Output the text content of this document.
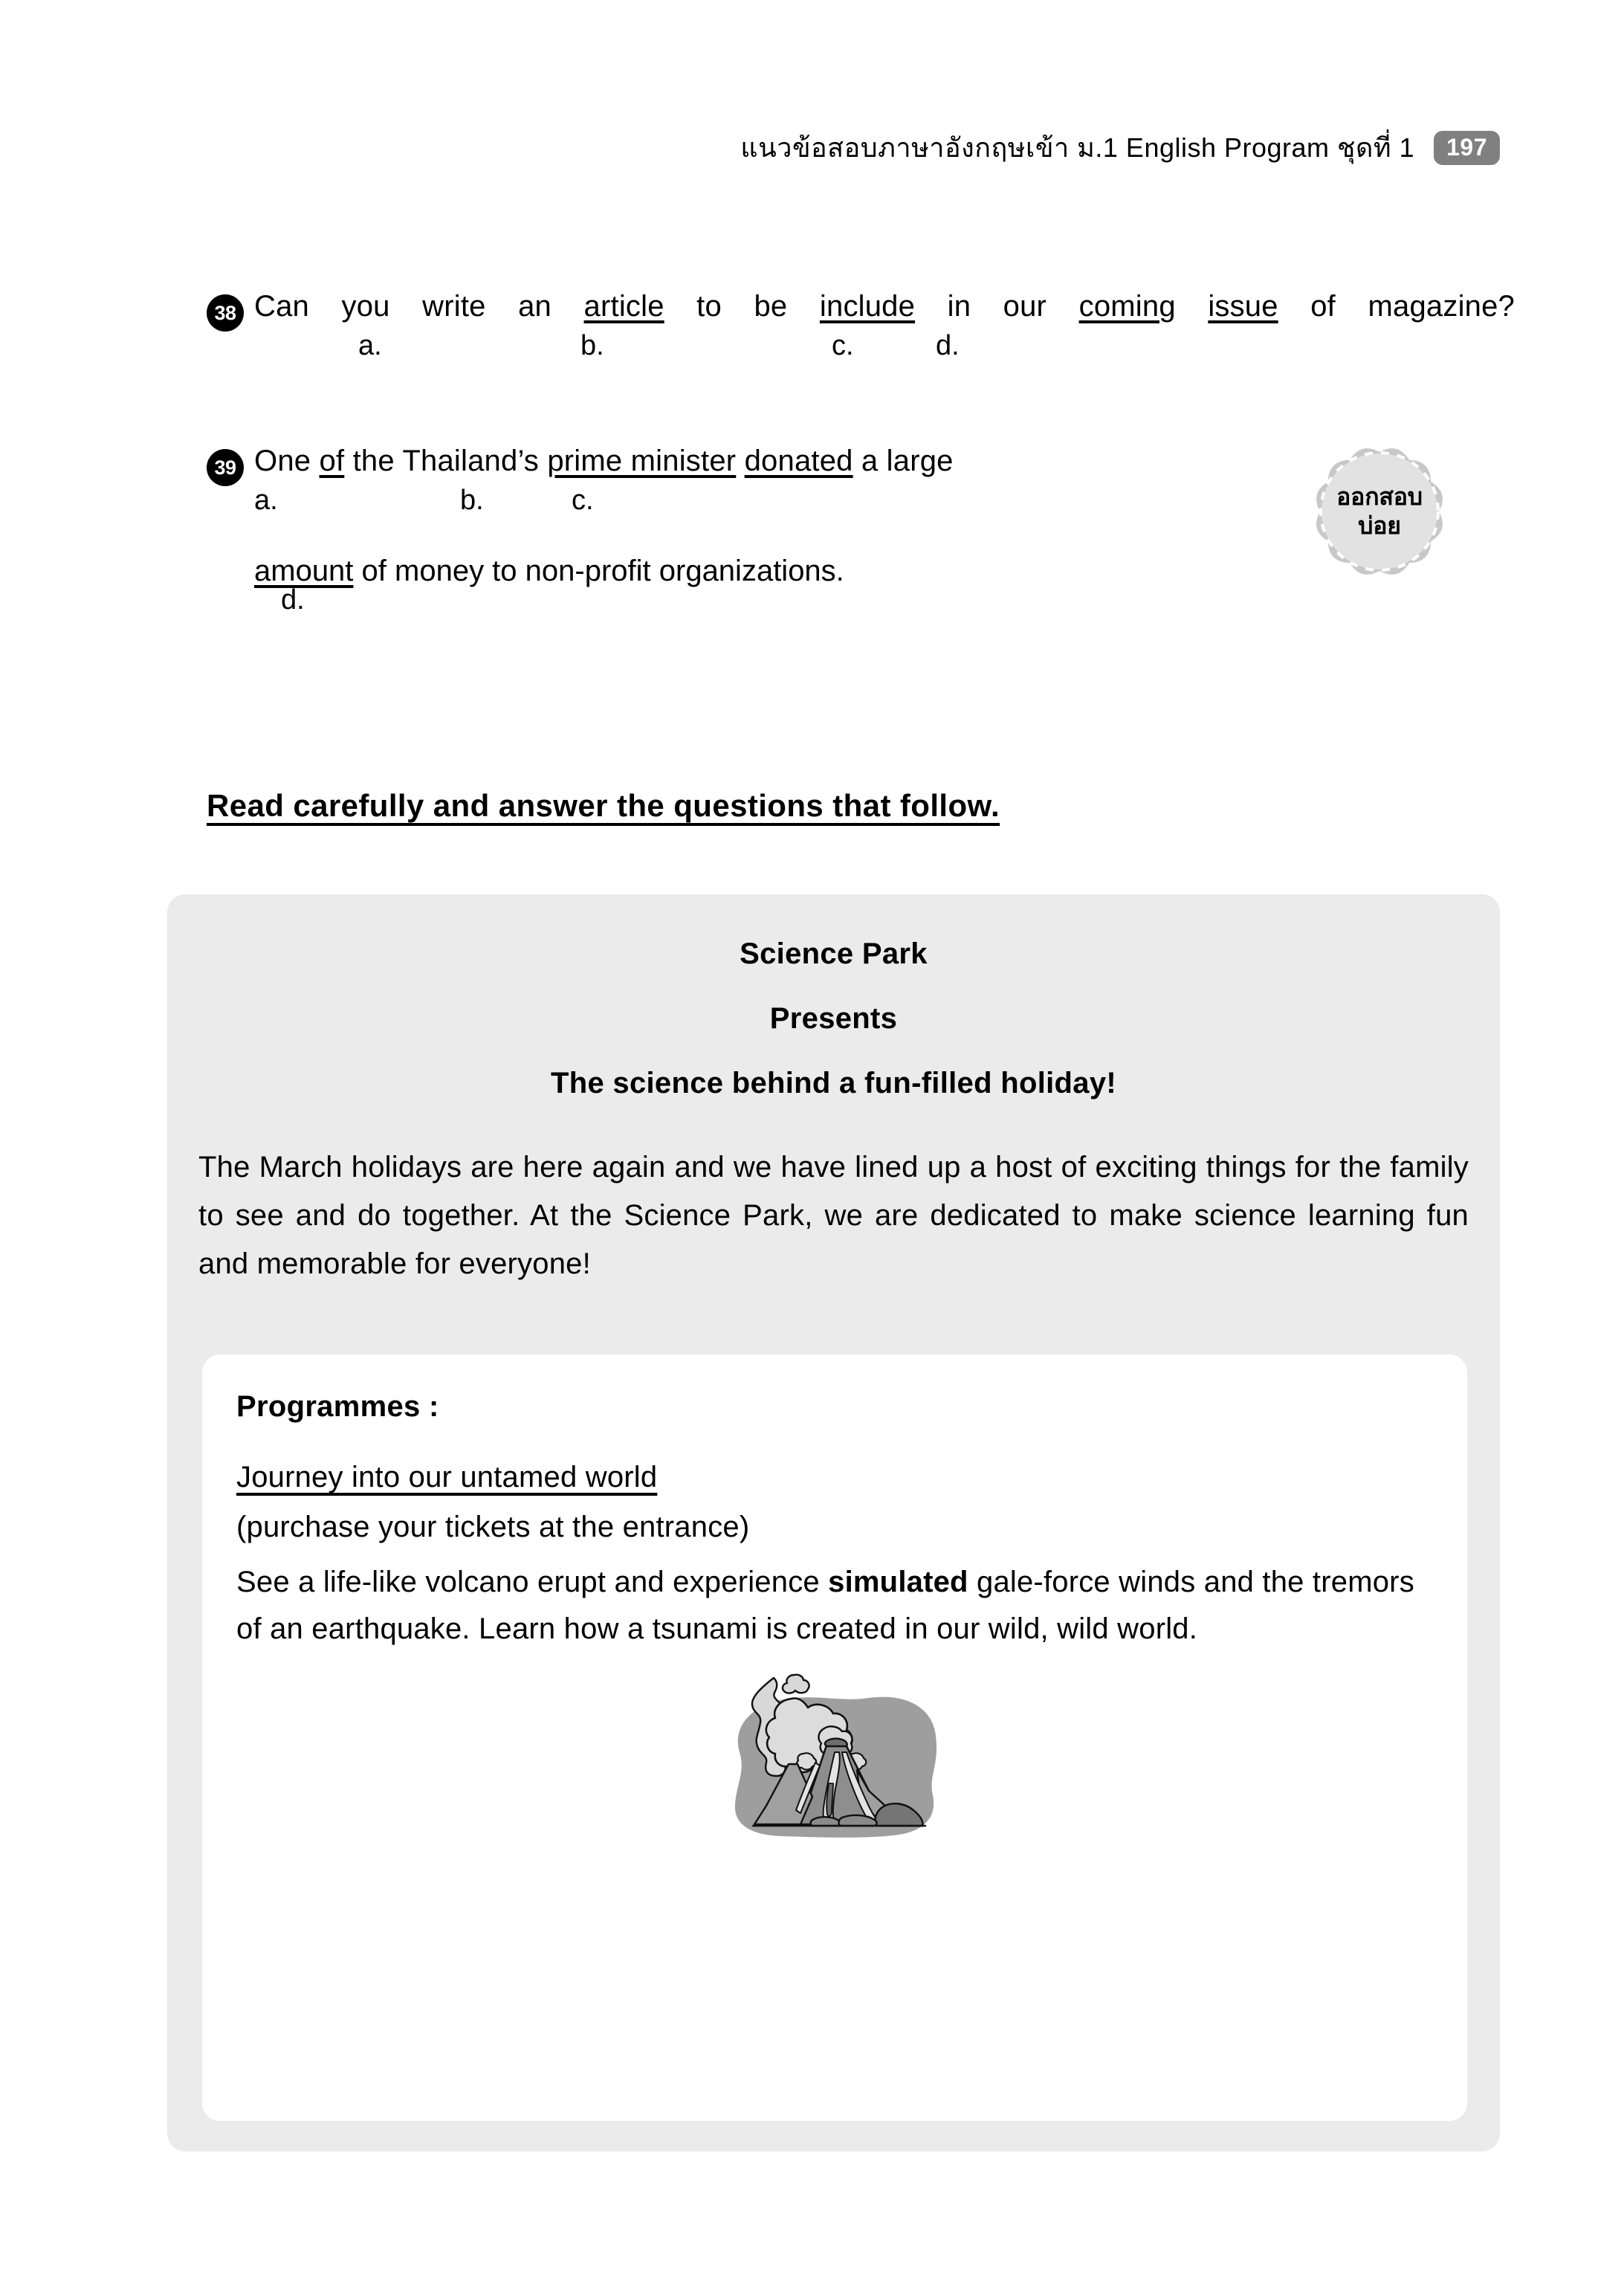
แนวข้อสอบภาษาอังกฤษเข้า ม.1 English Program ชุดที่ 1	197
38 Can you write an article to be include in our coming issue of magazine?
a.	b.	c.	d.
39 One of the Thailand’s prime minister donated a large
a.	b.	c.
amount of money to non-profit organizations.
d.
ออกสอบ
บ่อย
Read carefully and answer the questions that follow.
Science Park
Presents
The science behind a fun-filled holiday!
The March holidays are here again and we have lined up a host of exciting things for the family to see and do together. At the Science Park, we are dedicated to make science learning fun and memorable for everyone!
Programmes :
Journey into our untamed world
(purchase your tickets at the entrance)
See a life-like volcano erupt and experience simulated gale-force winds and the tremors of an earthquake. Learn how a tsunami is created in our wild, wild world.
